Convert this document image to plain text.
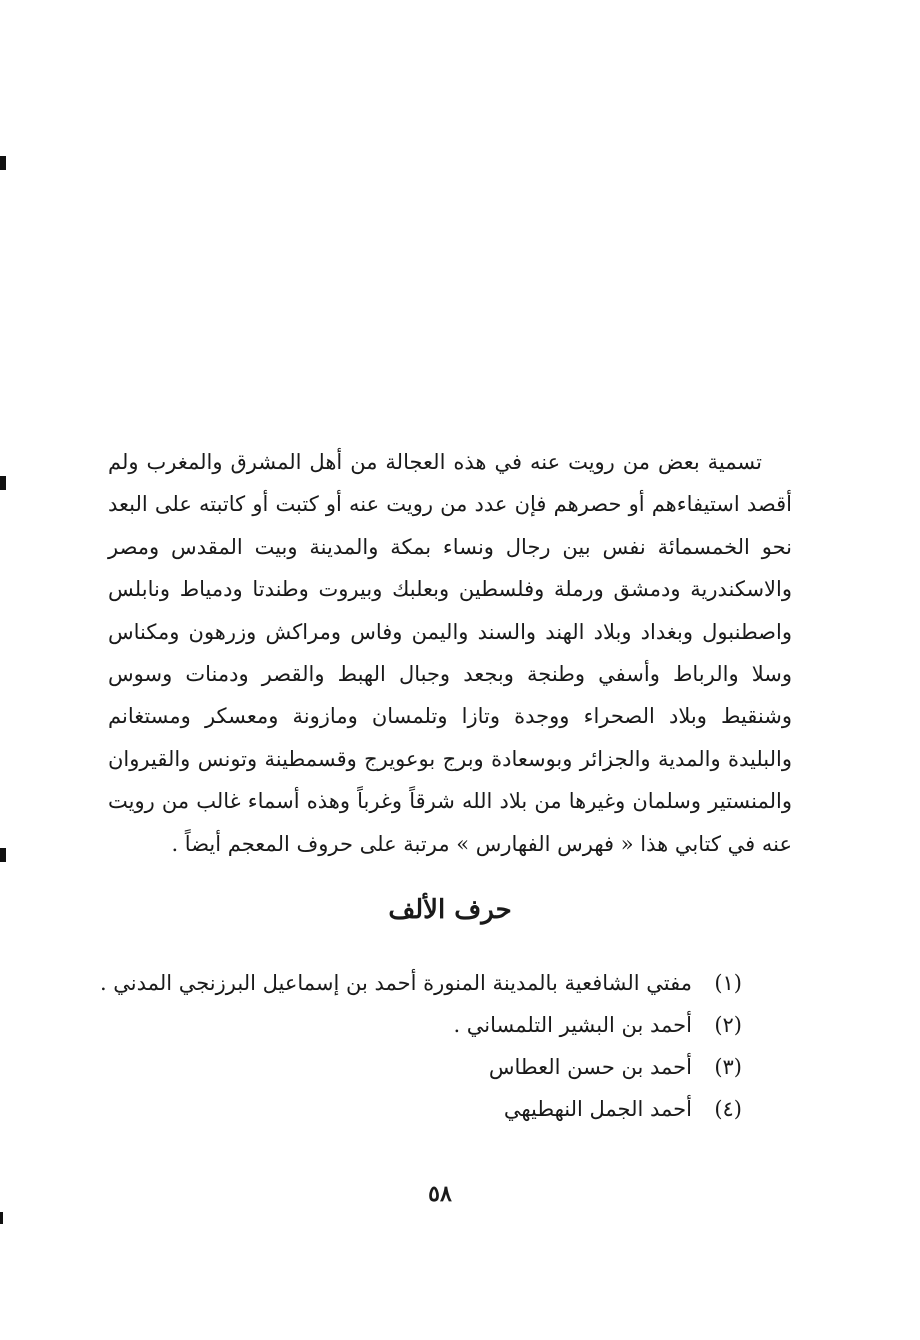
تسمية بعض من رويت عنه في هذه العجالة من أهل المشرق والمغرب ولم أقصد استيفاءهم أو حصرهم فإن عدد من رويت عنه أو كتبت أو كاتبته على البعد نحو الخمسمائة نفس بين رجال ونساء بمكة والمدينة وبيت المقدس ومصر والاسكندرية ودمشق ورملة وفلسطين وبعلبك وبيروت وطندتا ودمياط ونابلس واصطنبول وبغداد وبلاد الهند والسند واليمن وفاس ومراكش وزرهون ومكناس وسلا والرباط وأسفي وطنجة وبجعد وجبال الهبط والقصر ودمنات وسوس وشنقيط وبلاد الصحراء ووجدة وتازا وتلمسان ومازونة ومعسكر ومستغانم والبليدة والمدية والجزائر وبوسعادة وبرج بوعويرج وقسمطينة وتونس والقيروان والمنستير وسلمان وغيرها من بلاد الله شرقاً وغرباً وهذه أسماء غالب من رويت عنه في كتابي هذا « فهرس الفهارس » مرتبة على حروف المعجم أيضاً .

حرف الألف
(١)مفتي الشافعية بالمدينة المنورة أحمد بن إسماعيل البرزنجي المدني .
(٢)أحمد بن البشير التلمساني .
(٣)أحمد بن حسن العطاس
(٤)أحمد الجمل النهطيهي
٥٨
